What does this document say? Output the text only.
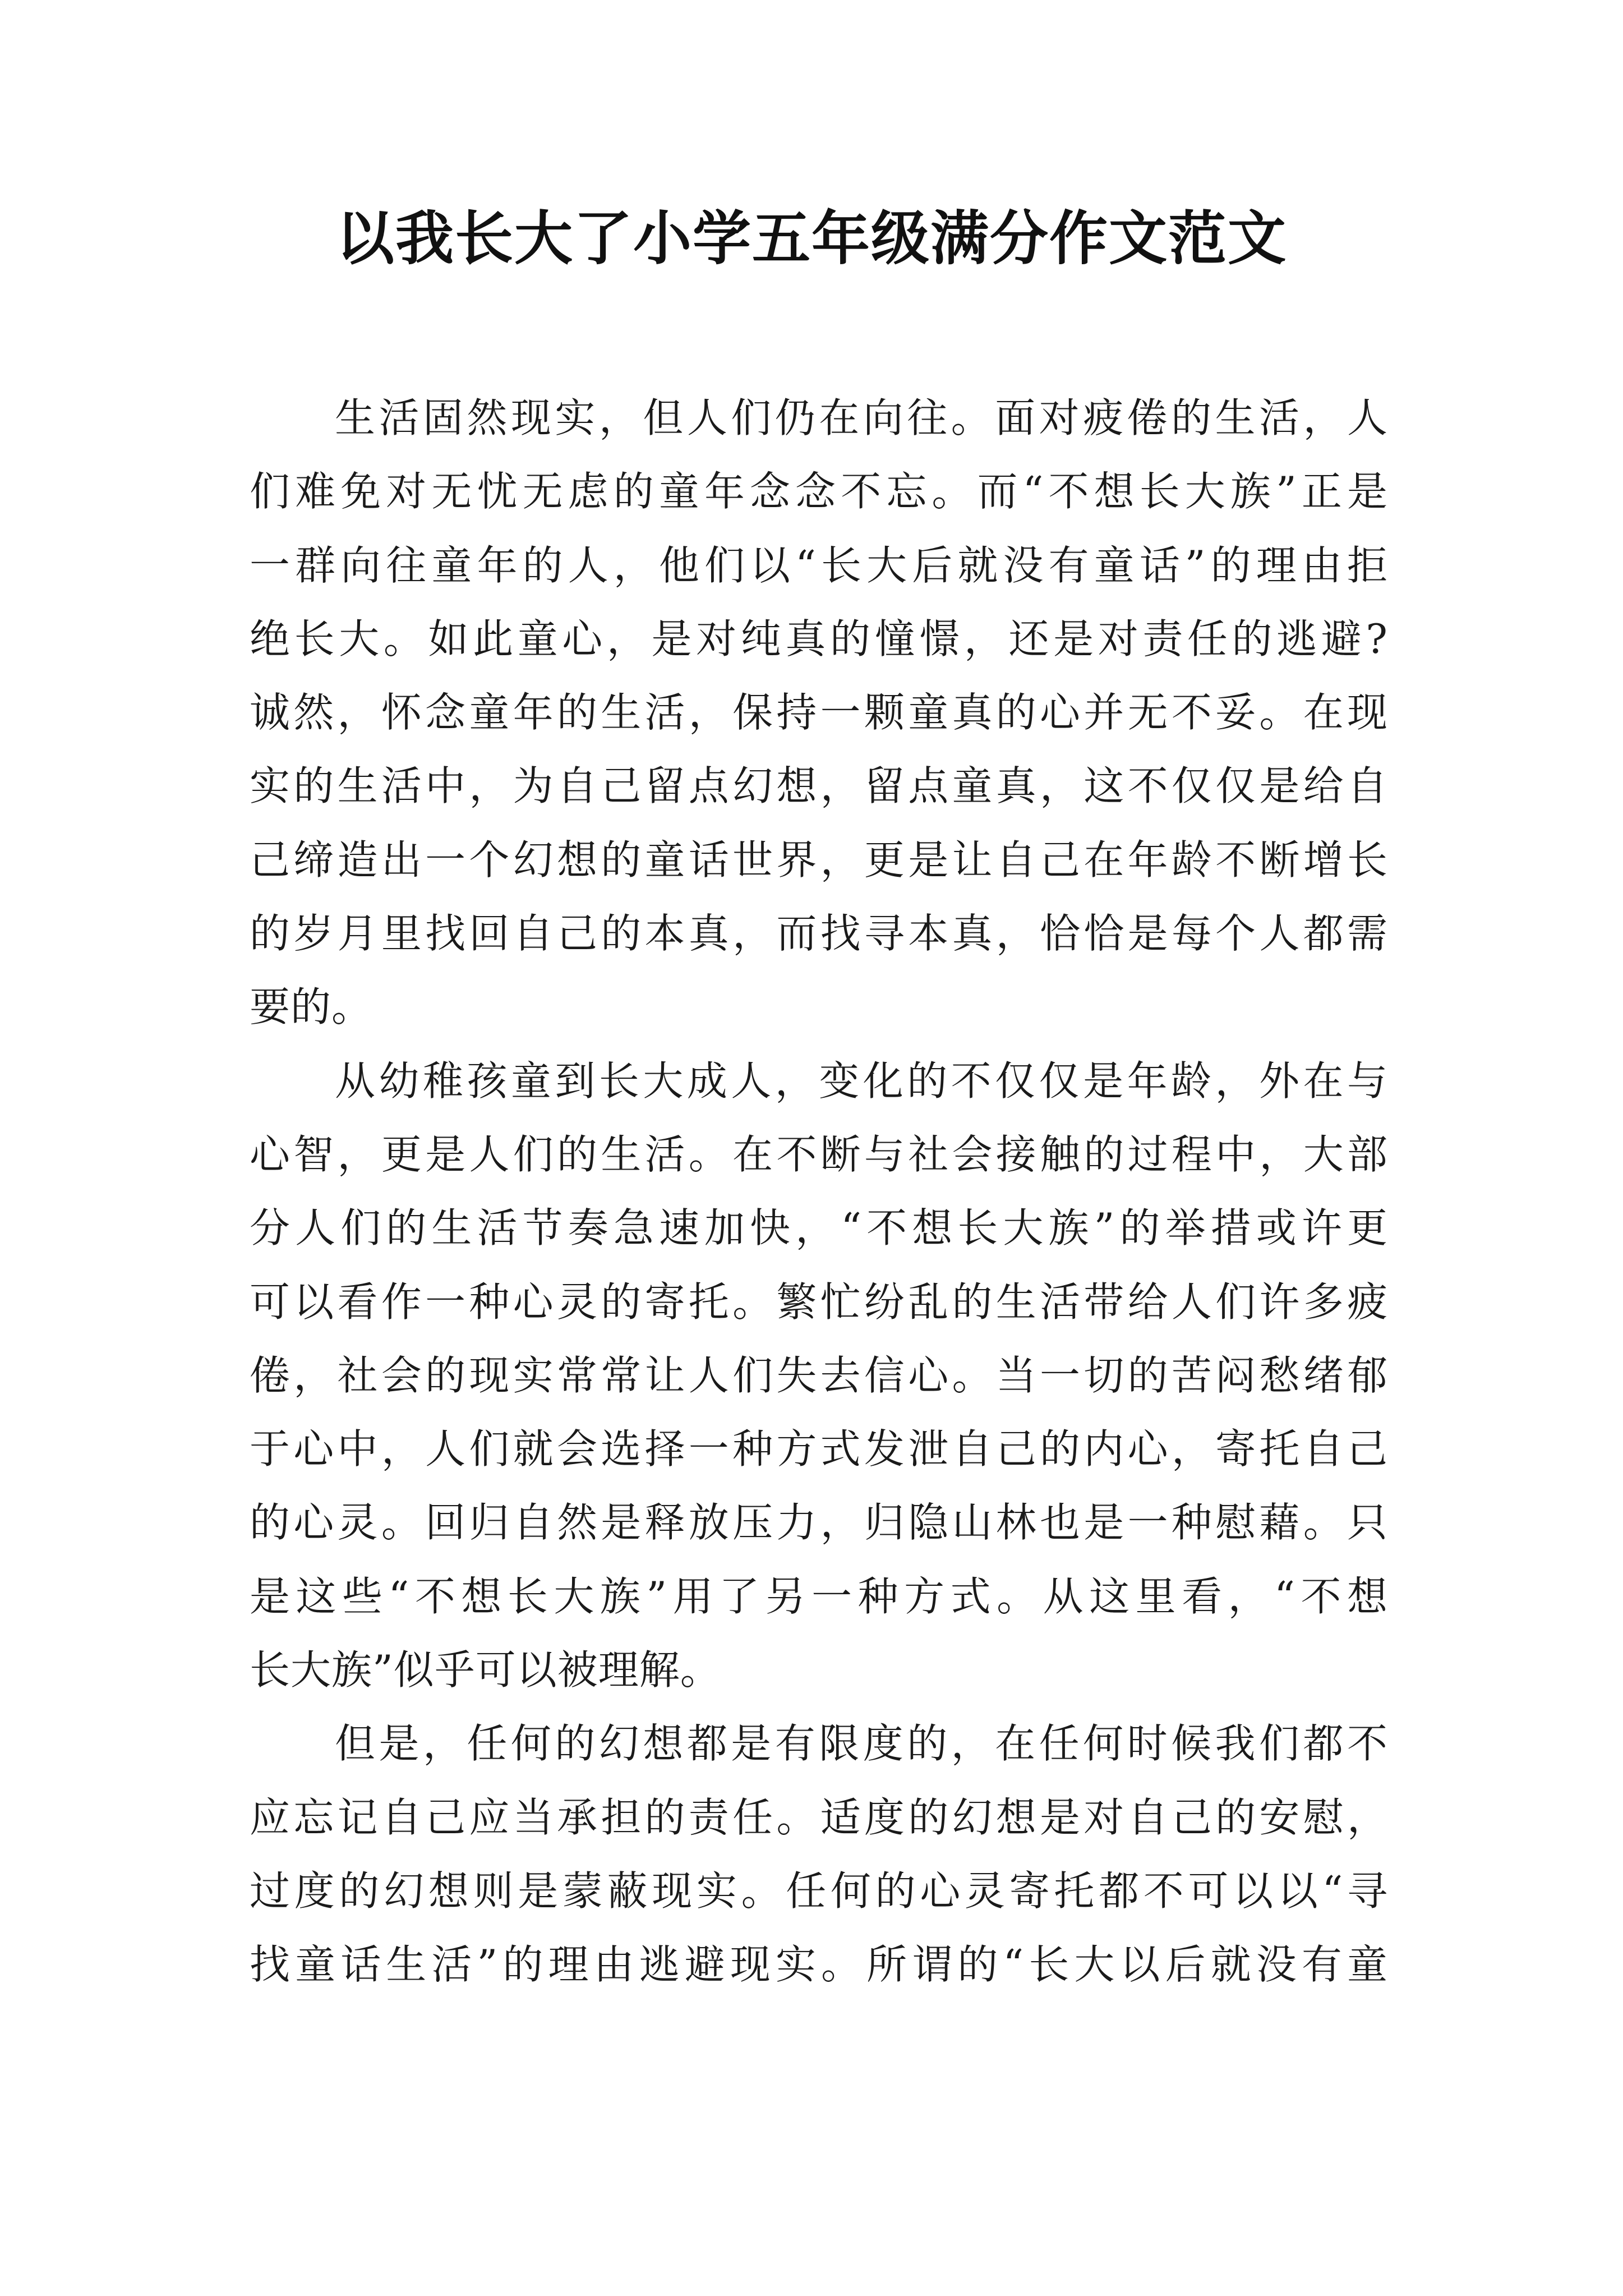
以我长大了小学五年级满分作文范文
生活固然现实，但人们仍在向往。面对疲倦的生活，人
们难免对无忧无虑的童年念念不忘。而“不想长大族”正是
一群向往童年的人，他们以“长大后就没有童话”的理由拒
绝长大。如此童心，是对纯真的憧憬，还是对责任的逃避?
诚然，怀念童年的生活，保持一颗童真的心并无不妥。在现
实的生活中，为自己留点幻想，留点童真，这不仅仅是给自
己缔造出一个幻想的童话世界，更是让自己在年龄不断增长
的岁月里找回自己的本真，而找寻本真，恰恰是每个人都需
要的。
从幼稚孩童到长大成人，变化的不仅仅是年龄，外在与
心智，更是人们的生活。在不断与社会接触的过程中，大部
分人们的生活节奏急速加快，“不想长大族”的举措或许更
可以看作一种心灵的寄托。繁忙纷乱的生活带给人们许多疲
倦，社会的现实常常让人们失去信心。当一切的苦闷愁绪郁
于心中，人们就会选择一种方式发泄自己的内心，寄托自己
的心灵。回归自然是释放压力，归隐山林也是一种慰藉。只
是这些“不想长大族”用了另一种方式。从这里看，“不想
长大族”似乎可以被理解。
但是，任何的幻想都是有限度的，在任何时候我们都不
应忘记自己应当承担的责任。适度的幻想是对自己的安慰，
过度的幻想则是蒙蔽现实。任何的心灵寄托都不可以以“寻
找童话生活”的理由逃避现实。所谓的“长大以后就没有童
